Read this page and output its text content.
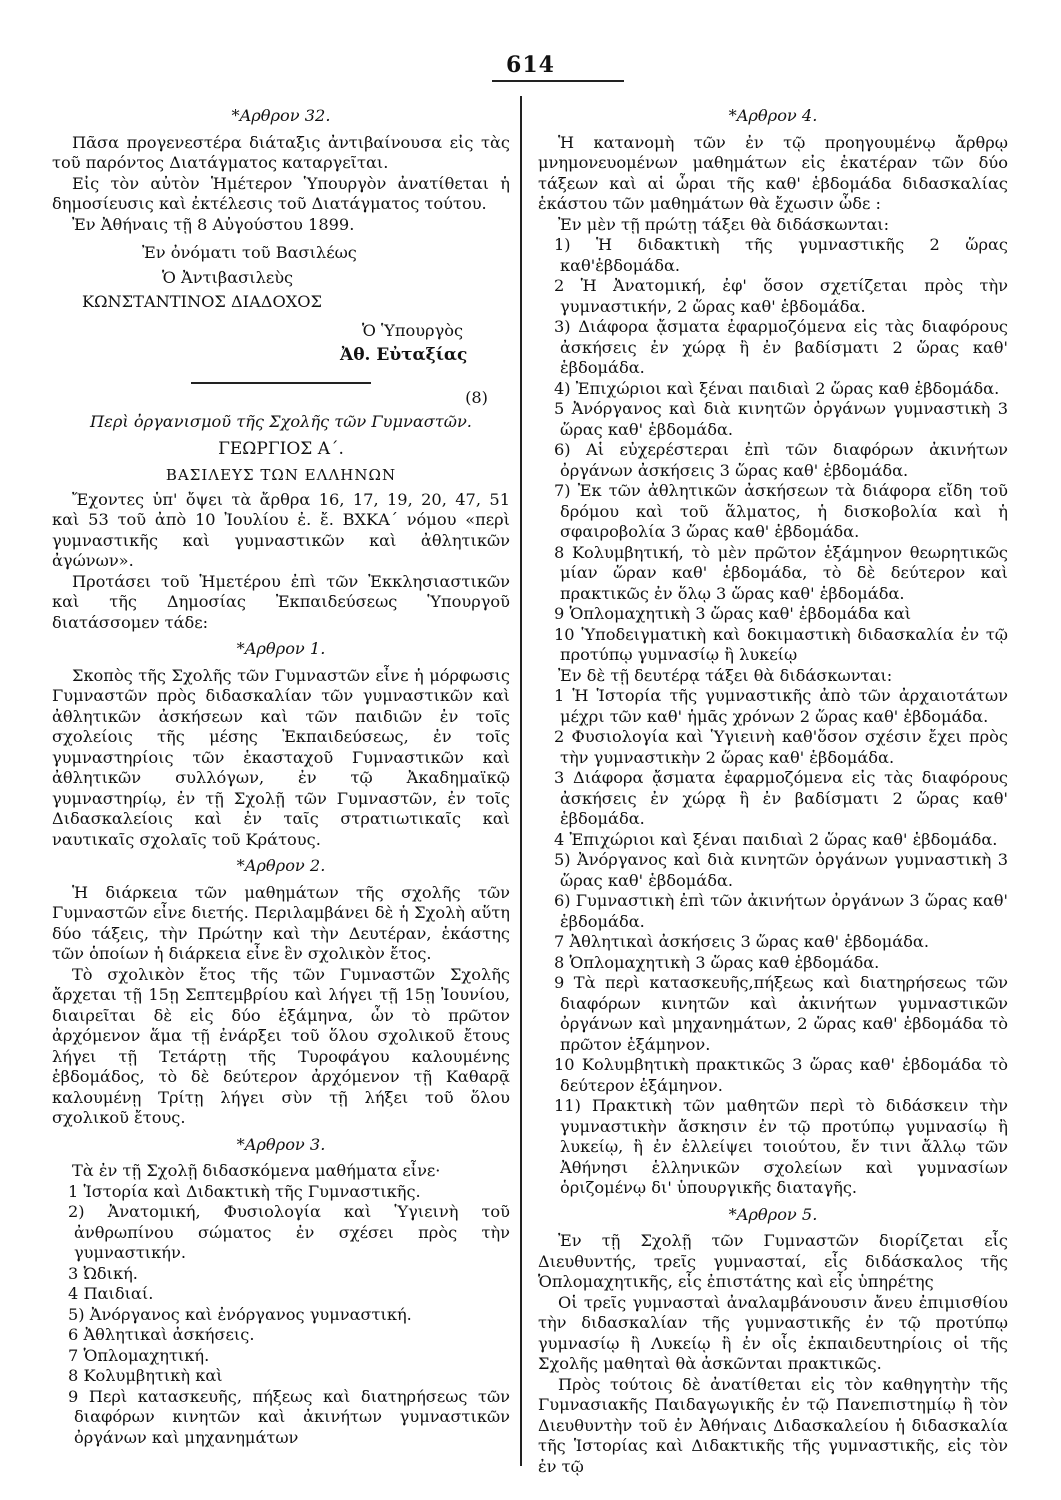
614

*Αρθρον 32.

Πᾶσα προγενεστέρα διάταξις ἀντιβαίνουσα εἰς τὰς τοῦ παρόντος Διατάγματος καταργεῖται.

Εἰς τὸν αὐτὸν Ἡμέτερον Ὑπουργὸν ἀνατίθεται ἡ δημοσίευσις καὶ ἐκτέλεσις τοῦ Διατάγματος τούτου.

Ἐν Ἀθήναις τῇ 8 Αὐγούστου 1899.

Ἐν ὀνόματι τοῦ Βασιλέως

Ὁ Ἀντιβασιλεὺς

ΚΩΝΣΤΑΝΤΙΝΟΣ ΔΙΑΔΟΧΟΣ

Ὁ Ὑπουργὸς

Ἀθ. Εὐταξίας

(8)

Περὶ ὀργανισμοῦ τῆς Σχολῆς τῶν Γυμναστῶν.

ΓΕΩΡΓΙΟΣ Α΄.

ΒΑΣΙΛΕΥΣ ΤΩΝ ΕΛΛΗΝΩΝ

Ἔχοντες ὑπ' ὄψει τὰ ἄρθρα 16, 17, 19, 20, 47, 51 καὶ 53 τοῦ ἀπὸ 10 Ἰουλίου ἐ. ἔ. ΒΧΚΑ΄ νόμου «περὶ γυμναστικῆς καὶ γυμναστικῶν καὶ ἀθλητικῶν ἀγώνων».

Προτάσει τοῦ Ἡμετέρου ἐπὶ τῶν Ἐκκλησιαστικῶν καὶ τῆς Δημοσίας Ἐκπαιδεύσεως Ὑπουργοῦ διατάσσομεν τάδε:

*Αρθρον 1.

Σκοπὸς τῆς Σχολῆς τῶν Γυμναστῶν εἶνε ἡ μόρφωσις Γυμναστῶν πρὸς διδασκαλίαν τῶν γυμναστικῶν καὶ ἀθλητικῶν ἀσκήσεων καὶ τῶν παιδιῶν ἐν τοῖς σχολείοις τῆς μέσης Ἐκπαιδεύσεως, ἐν τοῖς γυμναστηρίοις τῶν ἑκασταχοῦ Γυμναστικῶν καὶ ἀθλητικῶν συλλόγων, ἐν τῷ Ἀκαδημαϊκῷ γυμναστηρίῳ, ἐν τῇ Σχολῇ τῶν Γυμναστῶν, ἐν τοῖς Διδασκαλείοις καὶ ἐν ταῖς στρατιωτικαῖς καὶ ναυτικαῖς σχολαῖς τοῦ Κράτους.

*Αρθρον 2.

Ἡ διάρκεια τῶν μαθημάτων τῆς σχολῆς τῶν Γυμναστῶν εἶνε διετής. Περιλαμβάνει δὲ ἡ Σχολὴ αὕτη δύο τάξεις, τὴν Πρώτην καὶ τὴν Δευτέραν, ἑκάστης τῶν ὁποίων ἡ διάρκεια εἶνε ἓν σχολικὸν ἔτος.

Τὸ σχολικὸν ἔτος τῆς τῶν Γυμναστῶν Σχολῆς ἄρχεται τῇ 15ῃ Σεπτεμβρίου καὶ λήγει τῇ 15ῃ Ἰουνίου, διαιρεῖται δὲ εἰς δύο ἑξάμηνα, ὧν τὸ πρῶτον ἀρχόμενον ἅμα τῇ ἐνάρξει τοῦ ὅλου σχολικοῦ ἔτους λήγει τῇ Τετάρτῃ τῆς Τυροφάγου καλουμένης ἑβδομάδος, τὸ δὲ δεύτερον ἀρχόμενον τῇ Καθαρᾷ καλουμένῃ Τρίτῃ λήγει σὺν τῇ λήξει τοῦ ὅλου σχολικοῦ ἔτους.

*Αρθρον 3.

Τὰ ἐν τῇ Σχολῇ διδασκόμενα μαθήματα εἶνε·

1 Ἱστορία καὶ Διδακτικὴ τῆς Γυμναστικῆς.

2) Ἀνατομική, Φυσιολογία καὶ Ὑγιεινὴ τοῦ ἀνθρωπίνου σώματος ἐν σχέσει πρὸς τὴν γυμναστικήν.

3 Ὠδική.

4 Παιδιαί.

5) Ἀνόργανος καὶ ἐνόργανος γυμναστική.

6 Ἀθλητικαὶ ἀσκήσεις.

7 Ὁπλομαχητική.

8 Κολυμβητικὴ καὶ

9 Περὶ κατασκευῆς, πήξεως καὶ διατηρήσεως τῶν διαφόρων κινητῶν καὶ ἀκινήτων γυμναστικῶν ὀργάνων καὶ μηχανημάτων

*Αρθρον 4.

Ἡ κατανομὴ τῶν ἐν τῷ προηγουμένῳ ἄρθρῳ μνημονευομένων μαθημάτων εἰς ἑκατέραν τῶν δύο τάξεων καὶ αἱ ὧραι τῆς καθ' ἑβδομάδα διδασκαλίας ἑκάστου τῶν μαθημάτων θὰ ἔχωσιν ὧδε :

Ἐν μὲν τῇ πρώτῃ τάξει θὰ διδάσκωνται:

1) Ἡ διδακτικὴ τῆς γυμναστικῆς 2 ὥρας καθ'ἑβδομάδα.

2 Ἡ Ἀνατομική, ἐφ' ὅσον σχετίζεται πρὸς τὴν γυμναστικήν, 2 ὥρας καθ' ἑβδομάδα.

3) Διάφορα ᾄσματα ἐφαρμοζόμενα εἰς τὰς διαφόρους ἀσκήσεις ἐν χώρᾳ ἢ ἐν βαδίσματι 2 ὥρας καθ' ἑβδομάδα.

4) Ἐπιχώριοι καὶ ξέναι παιδιαὶ 2 ὥρας καθ ἑβδομάδα.

5 Ἀνόργανος καὶ διὰ κινητῶν ὀργάνων γυμναστικὴ 3 ὥρας καθ' ἑβδομάδα.

6) Αἱ εὐχερέστεραι ἐπὶ τῶν διαφόρων ἀκινήτων ὀργάνων ἀσκήσεις 3 ὥρας καθ' ἑβδομάδα.

7) Ἐκ τῶν ἀθλητικῶν ἀσκήσεων τὰ διάφορα εἴδη τοῦ δρόμου καὶ τοῦ ἅλματος, ἡ δισκοβολία καὶ ἡ σφαιροβολία 3 ὥρας καθ' ἑβδομάδα.

8 Κολυμβητική, τὸ μὲν πρῶτον ἑξάμηνον θεωρητικῶς μίαν ὥραν καθ' ἑβδομάδα, τὸ δὲ δεύτερον καὶ πρακτικῶς ἐν ὅλῳ 3 ὥρας καθ' ἑβδομάδα.

9 Ὁπλομαχητικὴ 3 ὥρας καθ' ἑβδομάδα καὶ

10 Ὑποδειγματικὴ καὶ δοκιμαστικὴ διδασκαλία ἐν τῷ προτύπῳ γυμνασίῳ ἢ λυκείῳ

Ἐν δὲ τῇ δευτέρᾳ τάξει θὰ διδάσκωνται:

1 Ἡ Ἱστορία τῆς γυμναστικῆς ἀπὸ τῶν ἀρχαιοτάτων μέχρι τῶν καθ' ἡμᾶς χρόνων 2 ὥρας καθ' ἑβδομάδα.

2 Φυσιολογία καὶ Ὑγιεινὴ καθ'ὅσον σχέσιν ἔχει πρὸς τὴν γυμναστικὴν 2 ὥρας καθ' ἑβδομάδα.

3 Διάφορα ᾄσματα ἐφαρμοζόμενα εἰς τὰς διαφόρους ἀσκήσεις ἐν χώρᾳ ἢ ἐν βαδίσματι 2 ὥρας καθ' ἑβδομάδα.

4 Ἐπιχώριοι καὶ ξέναι παιδιαὶ 2 ὥρας καθ' ἑβδομάδα.

5) Ἀνόργανος καὶ διὰ κινητῶν ὀργάνων γυμναστικὴ 3 ὥρας καθ' ἑβδομάδα.

6) Γυμναστικὴ ἐπὶ τῶν ἀκινήτων ὀργάνων 3 ὥρας καθ' ἑβδομάδα.

7 Ἀθλητικαὶ ἀσκήσεις 3 ὥρας καθ' ἑβδομάδα.

8 Ὁπλομαχητικὴ 3 ὥρας καθ ἑβδομάδα.

9 Τὰ περὶ κατασκευῆς,πήξεως καὶ διατηρήσεως τῶν διαφόρων κινητῶν καὶ ἀκινήτων γυμναστικῶν ὀργάνων καὶ μηχανημάτων, 2 ὥρας καθ' ἑβδομάδα τὸ πρῶτον ἑξάμηνον.

10 Κολυμβητικὴ πρακτικῶς 3 ὥρας καθ' ἑβδομάδα τὸ δεύτερον ἑξάμηνον.

11) Πρακτικὴ τῶν μαθητῶν περὶ τὸ διδάσκειν τὴν γυμναστικὴν ἄσκησιν ἐν τῷ προτύπῳ γυμνασίῳ ἢ λυκείῳ, ἢ ἐν ἐλλείψει τοιούτου, ἔν τινι ἄλλῳ τῶν Ἀθήνησι ἑλληνικῶν σχολείων καὶ γυμνασίων ὁριζομένῳ δι' ὑπουργικῆς διαταγῆς.

*Αρθρον 5.

Ἐν τῇ Σχολῇ τῶν Γυμναστῶν διορίζεται εἷς Διευθυντής, τρεῖς γυμνασταί, εἷς διδάσκαλος τῆς Ὁπλομαχητικῆς, εἷς ἐπιστάτης καὶ εἷς ὑπηρέτης

Οἱ τρεῖς γυμνασταὶ ἀναλαμβάνουσιν ἄνευ ἐπιμισθίου τὴν διδασκαλίαν τῆς γυμναστικῆς ἐν τῷ προτύπῳ γυμνασίῳ ἢ Λυκείῳ ἢ ἐν οἷς ἐκπαιδευτηρίοις οἱ τῆς Σχολῆς μαθηταὶ θὰ ἀσκῶνται πρακτικῶς.

Πρὸς τούτοις δὲ ἀνατίθεται εἰς τὸν καθηγητὴν τῆς Γυμνασιακῆς Παιδαγωγικῆς ἐν τῷ Πανεπιστημίῳ ἢ τὸν Διευθυντὴν τοῦ ἐν Ἀθήναις Διδασκαλείου ἡ διδασκαλία τῆς Ἱστορίας καὶ Διδακτικῆς τῆς γυμναστικῆς, εἰς τὸν ἐν τῷ
